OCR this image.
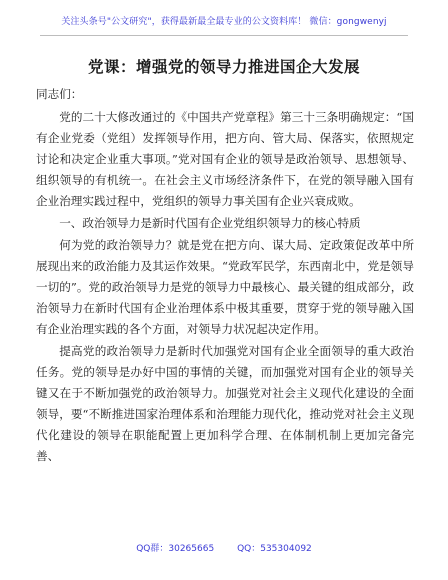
关注头条号"公文研究"，获得最新最全最专业的公文资料库！ 微信：gongwenyj
党课：增强党的领导力推进国企大发展

同志们：

党的二十大修改通过的《中国共产党章程》第三十三条明确规定：“国有企业党委（党组）发挥领导作用，把方向、管大局、保落实，依照规定讨论和决定企业重大事项。”党对国有企业的领导是政治领导、思想领导、组织领导的有机统一。在社会主义市场经济条件下，在党的领导融入国有企业治理实践过程中，党组织的领导力事关国有企业兴衰成败。

一、政治领导力是新时代国有企业党组织领导力的核心特质

何为党的政治领导力？就是党在把方向、谋大局、定政策促改革中所展现出来的政治能力及其运作效果。“党政军民学，东西南北中，党是领导一切的”。党的政治领导力是党的领导力中最核心、最关键的组成部分，政治领导力在新时代国有企业治理体系中极其重要，贯穿于党的领导融入国有企业治理实践的各个方面，对领导力状况起决定作用。

提高党的政治领导力是新时代加强党对国有企业全面领导的重大政治任务。党的领导是办好中国的事情的关键，而加强党对国有企业的领导关键又在于不断加强党的政治领导力。加强党对社会主义现代化建设的全面领导，要“不断推进国家治理体系和治理能力现代化，推动党对社会主义现代化建设的领导在职能配置上更加科学合理、在体制机制上更加完备完善、

QQ群：30265665        QQ：535304092
